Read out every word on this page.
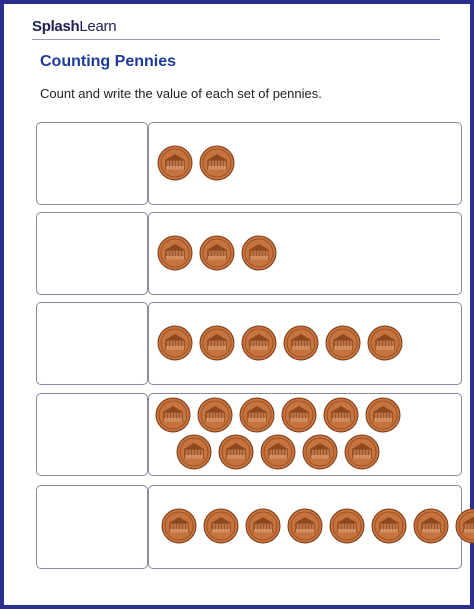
SplashLearn
Counting Pennies
Count and write the value of each set of pennies.
